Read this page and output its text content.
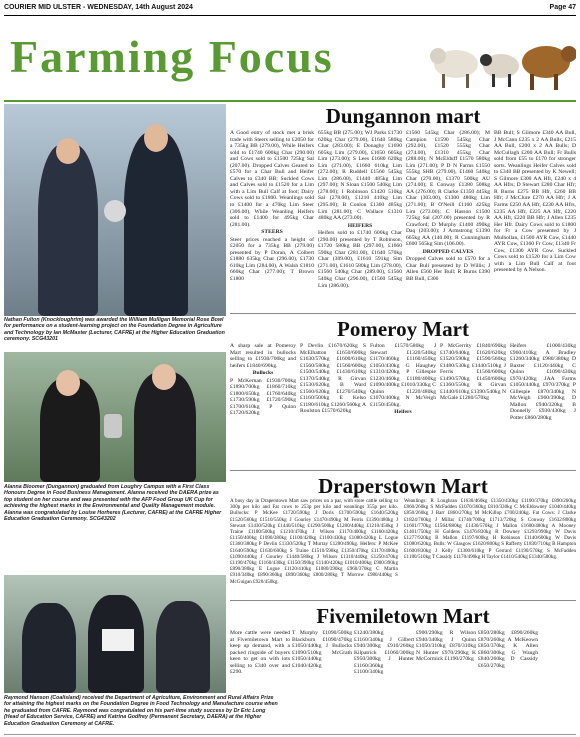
COURIER MID ULSTER - WEDNESDAY, 14th August 2024	Page 47
Farming Focus
Nathan Fulton (Knockloughrim) was awarded the William Mulligan Memorial Rose Bowl for performance on a student-learning project on the Foundation Degree in Agriculture and Technology by Ian McMaster (Lecturer, CAFRE) at the Higher Education Graduation ceremony. SCG43201
Alanna Bloomer (Dungannon) graduated from Loughry Campus with a First Class Honours Degree in Food Business Management. Alanna received the DAERA prize as top student on her course and was presented with the AFP Food Group UK Cup for achieving the highest marks in the Environmental and Quality Management module. Alanna was congratulated by Louise Horheres (Lecturer, CAFRE) at the CAFRE Higher Education Graduation Ceremony. SCG43202
Raymond Hanson (Coalisland) received the Department of Agriculture, Environment and Rural Affairs Prize for attaining the highest marks on the Foundation Degree in Food Technology and Manufacture course when he graduated from CAFRE. Raymond was congratulated on his part-time study success by Dr Eric Long (Head of Education Service, CAFRE) and Katrina Godfrey (Permanent Secretary, DAERA) at the Higher Education Graduation Ceremony at CAFRE.
Dungannon mart

A Good entry of stock met a brisk trade with Steers selling to £2050 for a 735kg BB (279.00), While Heifers sold to £1740 600kg Char (290.00) and Cows sold to £1500 725kg Sal (207.00). Dropped Calves Geared to £570 for a Char Bull and Heifer Calves to £340 BB; Suckled Cows and Calves sold to £1520 for a Lim with a Lim Bull Calf at foot; Dairy Cows sold to £1800. Weanlings sold to £1400 for a 470kg Lim Steer (306.00), While Weanling Heifers sold to £1400 for 495kg Char (281.00).

STEERS

Steer prices reached a height of £2050 for a 735kg BB (279.00) presented by P Doran, A Colbert £1880 635kg Char (296.00), £1730 610kg Lim (284.00), A Walsh £1810 660kg Char (277.00); T Brown £1800

655kg BB (275.00); WJ Parks £1730 620kg Char (279.00), £1640 580kg Char (283.00); E Donaghy £1690 605kg Lim (279.00), £1650 605kg Lim (273.00); S Lees £1680 620kg Lim (271.00), £1660 610kg Lim (272.00); R Ruddell £1560 545kg Lim (286.00), £1440 485kg Lim (297.00); N Sloan £1500 540kg Lim (278.00); I Robinson £1420 510kg Sal (278.00), £1210 410kg Lim (295.00); B Conlon £1360 485kg Lim (281.00); C Wallace £1310 480kg AA (273.00).

HEIFERS

Heifers sold to £1740 600kg Char (290.00) presented by T Robinson, £1720 580kg BB (297.00), £1660 590kg Char (281.00), £1640 570kg Char (309.00), £1610 591kg Sim (271.00), £1610 580kg Lim (278.00), £1560 540kg Char (289.00), £1560 540kg Char (296.00), £1560 545kg Lim (286.00).

£1560 545kg Char (286.00); M Campion £1590 545kg Char (292.00), £1520 555kg Char (274.00), £1310 455kg Char (288.00); N McElduff £1570 580kg Lim (271.00); P D N Farms £1550 555kg SHB (279.00), £1460 540kg Char (270.00), £1370 500kg AU (274.00); E Conway £1380 508kg AA (276.00); R Clarke £1350 445kg Char (303.00), £1300 480kg Lim (271.00); B O'Neill £1160 425kg Lim (273.00); C Hasson £1500 725kg Sal (207.00) presented by R Crawford; D Murphy £1400 490kg Daq (203.00); J Armstrong £1390 665kg AA (140.00); R Cunningham £600 565kg Sim (106.00).

DROPPED CALVES

Dropped Calves sold to £570 for a Char Bull presented by D Willis; J Allen £560 Her Bull; R Burns £390 BB Bull, £300

BB Bull; S Gilmore £340 AA Bull, J McCann £235 x 2 AA Bulls, £215 AA Bull, £200 x 2 AA Bulls; D McCullagh £200 AA Bull; Fr Bulls sold from £55 to £170 for stronger sorts. Weanlings Heifer Calves sold to £340 BB presented by K Newell; S Gilmore £300 AA Hfr, £240 x 4 AA Hfrs; D Stewart £280 Char Hfr; R Burns £275 BB Hfr, £260 BB Hfr; J McClure £270 AA Hfr; J A Farms £250 AA Hfr, £230 AA Hfrs, £235 AA Hfr, £225 AA Hfr, £220 AA Hfr, £220 BB Hfr; J Allen £235 Her Hfr. Dairy Cows sold to £1800 for Fr a Cow presented by J Mulhollan, £1500 AYR Cow, £1440 AYR Cow, £1360 Fr Cow, £1340 Fr Cow, £1300 AYR Cow. Suckled Cows sold to £1520 for a Lim Cow with a Lim Bull Calf at foot presented by A Nelson.

Pomeroy Mart

A sharp sale at Pomeroy Mart resulted in bullocks selling to £1930/700kg and heifers £1840/690kg.

Bullocks

P McKernan £1930/700kg £1890/700kg £1860/710kg £1800/650kg £1760/640kg £1730/590kg £1720/590kg £1700/610kg P Quinn £1720/620kg

P Devlin £1670/620kg S McElhatton £1650/600kg £1630/570kg £1600/610kg £1560/580kg £1560/600kg £1500/540kg £1430/610kg £1370/540kg R Girvan £1530/620kg B Ward £1560/620kg £1270/540kg £1160/500kg E Kelso £1180/610kg £1260/560kg A Roulston £1570/620kg

Fulton £1570/580kg J Stewart £1320/540kg £1170/460kg £1160/450kg £1050/430kg G Haughey £1310/420kg P Gillespie £1230/460kg £1180/400kg £1090/400kg £1010/330kg C Quinn £1220/480kg £1070/400kg N McVeigh £1150/450kg.

Heifers

P McGerrity £1840/690kg £1740/640kg £1620/620kg £1520/590kg £1590/560kg £1480/530kg £1440/510kg J Ferris £1560/600kg £1490/570kg £1450/600kg £1360/550kg R Girvan £1440/610kg £1390/540kg N McGale £1280/570kg

Heifers £1000/430kg £960/410kg A Bradley £1260/340kg £980/380kg D Baxter £1120/440kg C Quinn £1090/430kg £970/420kg JAA Farms £1050/440kg £970/370kg P Gillespie £870/340kg N McVeigh £960/390kg D Mallon £940/320kg B Donnelly £930/430kg J Potter £860/280kg

Draperstown Mart
A busy day in Draperstown Mart saw prices on a par, with store cattle selling to 300p per kilo and Fat cows to 253p per kilo and weanlings 355p per kilo. Bullocks: P McKee £1720/590kg J Doris £1700/590kg £1640/520kg £1520/560kg £1510/550kg J Gourley £1470/490kg M Ferris £1390/480kg J Stewart £1430/520kg £1440/510kg £1290/500kg £1280/440kg £1210/450kg J Traine £1180/500kg £1210/470kg J Wilson £1170/400kg £1160/420kg £1150/400kg £1090/380kg £1100/420kg £1100/430kg £1080/420kg L Logue £1360/380kg P Devlin £1330/520kg T Murray £1280/490kg. Heifers: P McKee £1640/590kg £1630/600kg S Traine £1510/590kg £1350/470kg £1170/400kg £1090/440kg J Gourley £1440/580kg J Wilson £1310/440kg £1250/470kg £1190/470kg £1160/430kg £1150/390kg £1140/420kg £1010/400kg £900/390kg £890/380kg E Logue £1120/410kg £1080/390kg £960/370kg C Martin £910/340kg £890/360kg £890/360kg £800/280kg T Morrow £980/440kg S McGuigan £920/450kg.
Weanlings: R Loughran £1630/460kg £1350/430kg £1100/370kg £890/260kg £860/260kg S McFadden £1070/360kg £810/330kg C McEldowney £1040/440kg £850/260kg J Barr £860/270kg M McKillop £700/240kg. Fat Cows: J Clarke £1824/760kg J Millar £1740/700kg £1713/720kg S Conway £1632/800kg £1601/770kg £1564/880kg £1436/570kg J Mallon £1600/480kg A Mooney £1401/750kg H Goldens £1476/830kg R Downey £1293/990kg W Davis £1277/920kg B Mallon £1197/600kg H Robinson £1140/600kg W Davis £1080/620kg. Bulls: W Glasgow £1620/800kg S Rafferty £1830/710kg B Hampton £1600/830kg J Kelly £1300/610kg P Gerrard £1190/570kg S McFadden £1180/510kg T Cassidy £1170/490kg H Taylor £1410/540kg £1340/500kg.
Fivemiletown Mart

More cattle were needed at Fivemiletown Mart to keep up demand, with a packed ringside of buyers keen to get on with lots selling to £340 over and £290.

T Murphy £1090/500kg Blackburn £1090/470kg £1050/440kg J Bullocks £1090/510kg McGrath £1050/440kg £1040/420kg

£1240/380kg £1160/340kg J Gilbert £940/300kg £910/260kg Kilpatrick £1060/300kg £950/300kg J Hunter £1160/360kg £1100/340kg

£900/290kg R Wilson £940/340kg J Quinn £1050/310kg £870/310kg N Hunter £970/290kg K McCormick £1190/270kg

£850/280kg £890/260kg £870/260kg A McKeown £850/370kg K Allen £860/300kg G Waugh £840/260kg D Cassidy £650/270kg
